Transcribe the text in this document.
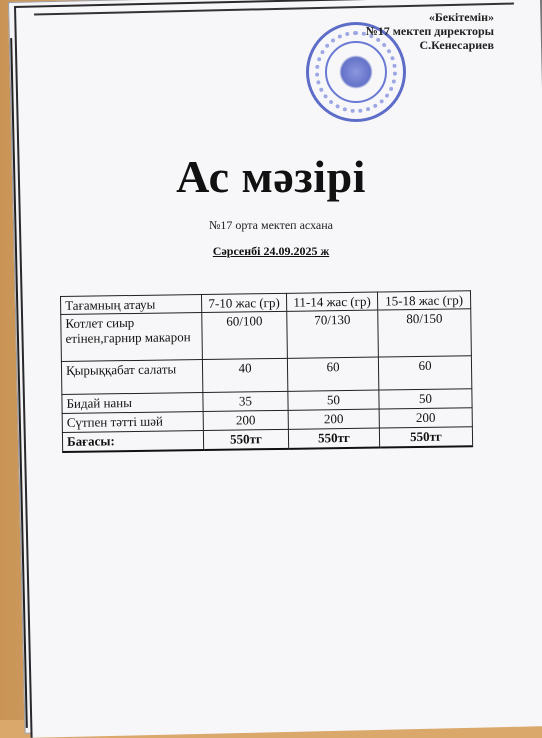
«Бекітемін»
№17 мектеп директоры
С.Кенесариев
Ас мәзірі
№17 орта мектеп асхана
Сәрсенбі 24.09.2025 ж
Тағамның атауы	7-10 жас (гр)	11-14 жас (гр)	15-18 жас (гр)
Котлет сиыр етінен,гарнир макарон	60/100	70/130	80/150
Қырыққабат салаты	40	60	60
Бидай наны	35	50	50
Сүтпен тәтті шәй	200	200	200
Бағасы:	550тг	550тг	550тг
